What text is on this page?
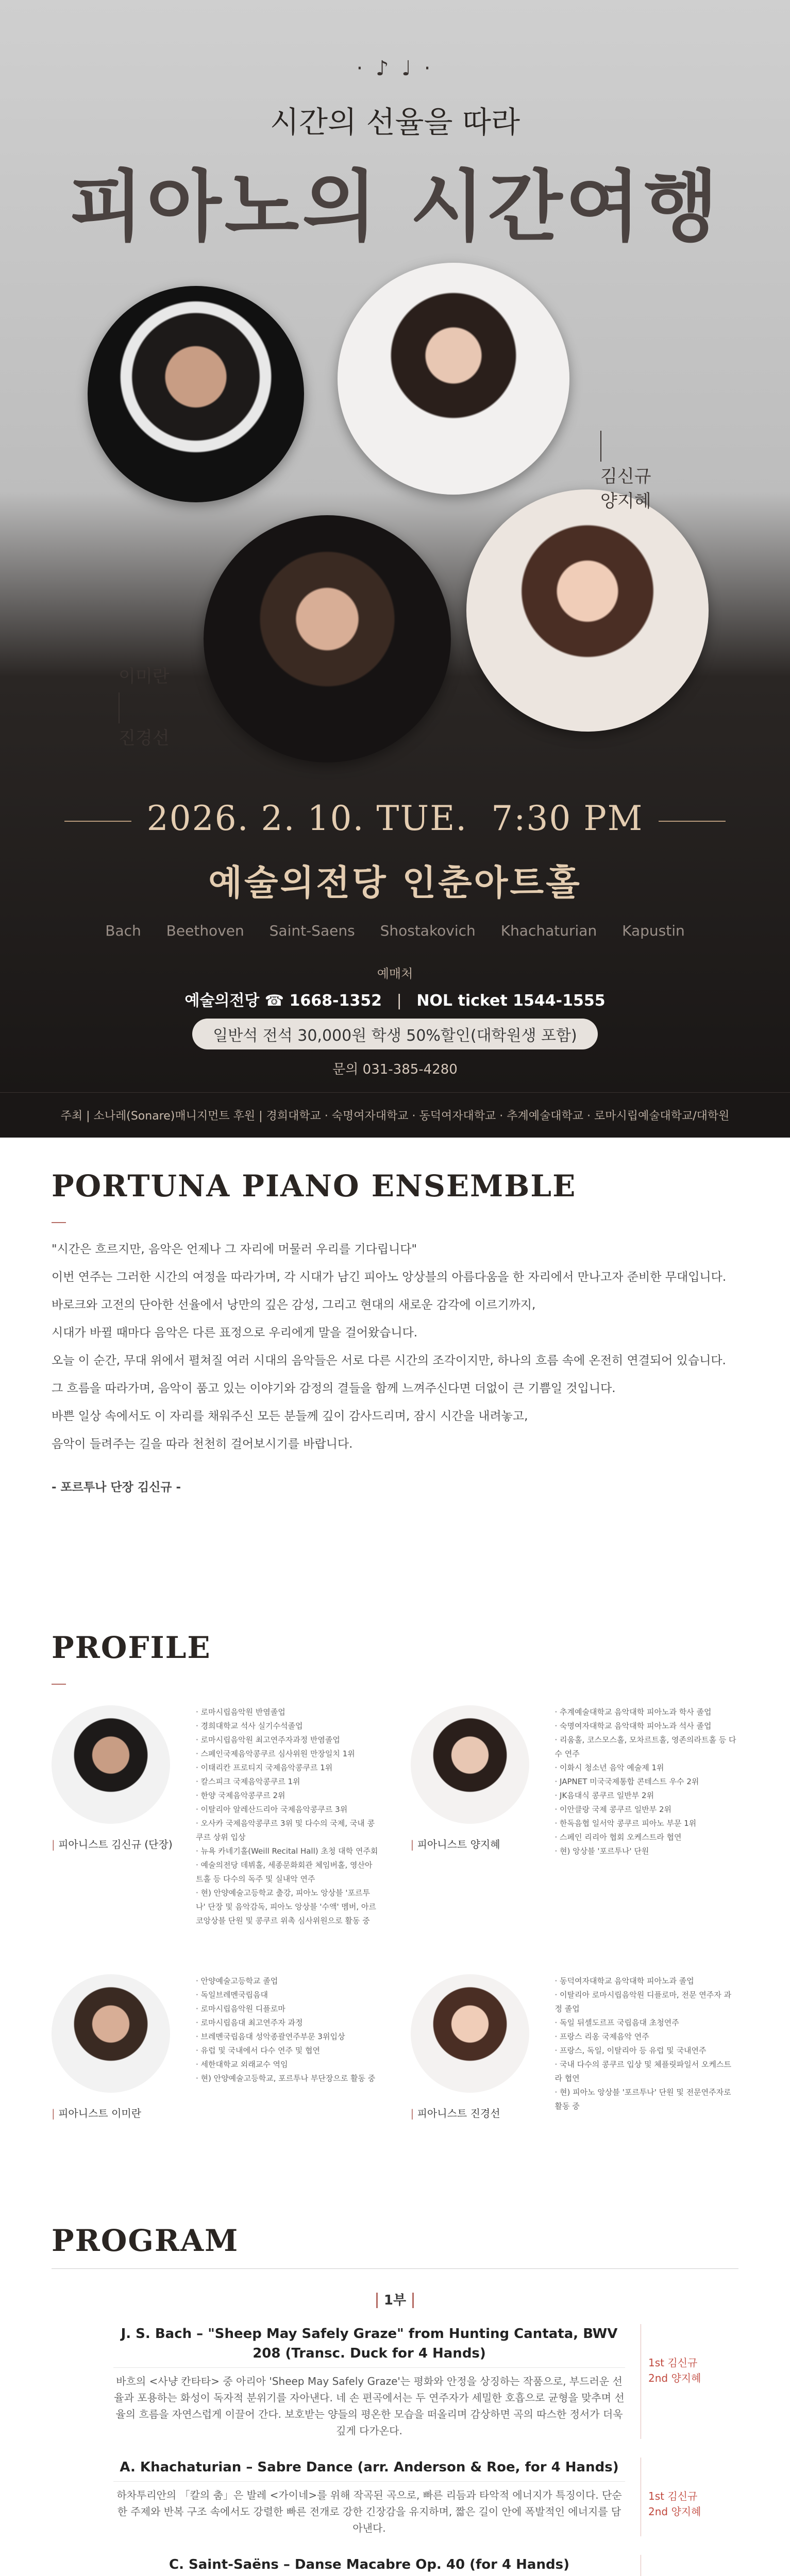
· ♪ ♩ ·
시간의 선율을 따라
피아노의 시간여행
김신규
양지혜
이미란
진경선
2026. 2. 10. TUE. 7:30 PM
예술의전당 인춘아트홀
Bach Beethoven Saint-Saens Shostakovich Khachaturian Kapustin
예매처
예술의전당 ☎ 1668-1352   |   NOL ticket 1544-1555
일반석 전석 30,000원 학생 50%할인(대학원생 포함)
문의 031-385-4280
주최 | 소나레(Sonare)매니지먼트 후원 | 경희대학교 · 숙명여자대학교 · 동덕여자대학교 · 추계예술대학교 · 로마시립예술대학교/대학원
PORTUNA PIANO ENSEMBLE

"시간은 흐르지만, 음악은 언제나 그 자리에 머물러 우리를 기다립니다"

이번 연주는 그러한 시간의 여정을 따라가며, 각 시대가 남긴 피아노 앙상블의 아름다움을 한 자리에서 만나고자 준비한 무대입니다.

바로크와 고전의 단아한 선율에서 낭만의 깊은 감성, 그리고 현대의 새로운 감각에 이르기까지,

시대가 바뀔 때마다 음악은 다른 표정으로 우리에게 말을 걸어왔습니다.

오늘 이 순간, 무대 위에서 펼쳐질 여러 시대의 음악들은 서로 다른 시간의 조각이지만, 하나의 흐름 속에 온전히 연결되어 있습니다.

그 흐름을 따라가며, 음악이 품고 있는 이야기와 감정의 결들을 함께 느껴주신다면 더없이 큰 기쁨일 것입니다.

바쁜 일상 속에서도 이 자리를 채워주신 모든 분들께 깊이 감사드리며, 잠시 시간을 내려놓고,

음악이 들려주는 길을 따라 천천히 걸어보시기를 바랍니다.

- 포르투나 단장 김신규 -

PROFILE
| 피아니스트 김신규 (단장)
· 로마시립음악원 반염졸업
· 경희대학교 석사 실기수석졸업
· 로마시립음악원 최고연주자과정 반염졸업
· 스페인국제음악콩쿠르 심사위원 만장일치 1위
· 이태리칸 프로티지 국제음악콩쿠르 1위
· 칼스피크 국제음악콩쿠르 1위
· 한양 국제음악콩쿠르 2위
· 이탈리아 알레산드리아 국제음악콩쿠르 3위
· 오사카 국제음악콩쿠르 3위 및 다수의 국제, 국내 콩쿠르 상위 입상
· 뉴욕 카네기홀(Weill Recital Hall) 초청 대학 연주회
· 예술의전당 데뷔홀, 세종문화회관 체임버홀, 영산아트홀 등 다수의 독주 및 실내악 연주
· 현) 안양예술고등학교 출강, 피아노 앙상블 '포르투나' 단장 및 음악감독, 피아노 앙상블 '수액' 멤버, 아르코앙상블 단원 및 콩쿠르 위촉 심사위원으로 활동 중
| 피아니스트 양지혜
· 추계예술대학교 음악대학 피아노과 학사 졸업
· 숙명여자대학교 음악대학 피아노과 석사 졸업
· 리움홀, 코스모스홀, 모차르트홀, 영존의라트홀 등 다수 연주
· 이화시 청소년 음악 예술제 1위
· JAPNET 미국국제통합 콘테스트 우수 2위
· JK음대식 콩쿠르 일반부 2위
· 이안클랑 국제 콩쿠르 일반부 2위
· 한독음협 일서악 콩쿠르 피아노 부문 1위
· 스페인 리리아 협회 오케스트라 협연
· 현) 앙상블 '포르투나' 단원
| 피아니스트 이미란
· 안양예술고등학교 졸업
· 독일브레멘국립음대
· 로마시립음악원 디플로마
· 로마시립음대 최고연주자 과정
· 브레멘국립음대 성악종괄연주부문 3위입상
· 유럽 및 국내에서 다수 연주 및 협연
· 세한대학교 외래교수 역임
· 현) 안양예술고등학교, 포르투나 부단장으로 활동 중
| 피아니스트 진경선
· 동덕여자대학교 음악대학 피아노과 졸업
· 이탈리아 로마시립음악원 디플로마, 전문 연주자 과정 졸업
· 독일 뒤셀도르프 국립음대 초청연주
· 프랑스 리옹 국제음악 연주
· 프랑스, 독일, 이탈리아 등 유럽 및 국내연주
· 국내 다수의 콩쿠르 입상 및 체플릿파일서 오케스트라 협연
· 현) 피아노 앙상블 '포르투나' 단원 및 전문연주자로 활동 중
PROGRAM
1부
J. S. Bach – "Sheep May Safely Graze" from Hunting Cantata, BWV 208 (Transc. Duck for 4 Hands)

바흐의 <사냥 칸타타> 중 아리아 'Sheep May Safely Graze'는 평화와 안정을 상징하는 작품으로, 부드러운 선율과 포용하는 화성이 독자적 분위기를 자아낸다. 네 손 편곡에서는 두 연주자가 세밀한 호흡으로 균형을 맞추며 선율의 흐름을 자연스럽게 이끌어 간다. 보호받는 양들의 평온한 모습을 떠올리며 감상하면 곡의 따스한 정서가 더욱 깊게 다가온다.

1st 김신규
2nd 양지혜
A. Khachaturian – Sabre Dance (arr. Anderson & Roe, for 4 Hands)

하차투리안의 「칼의 춤」은 발레 <가이네>를 위해 작곡된 곡으로, 빠른 리듬과 타악적 에너지가 특징이다. 단순한 주제와 반복 구조 속에서도 강렬한 빠른 전개로 강한 긴장감을 유지하며, 짧은 길이 안에 폭발적인 에너지를 담아낸다.

1st 김신규
2nd 양지혜
C. Saint-Saëns – Danse Macabre Op. 40 (for 4 Hands)
